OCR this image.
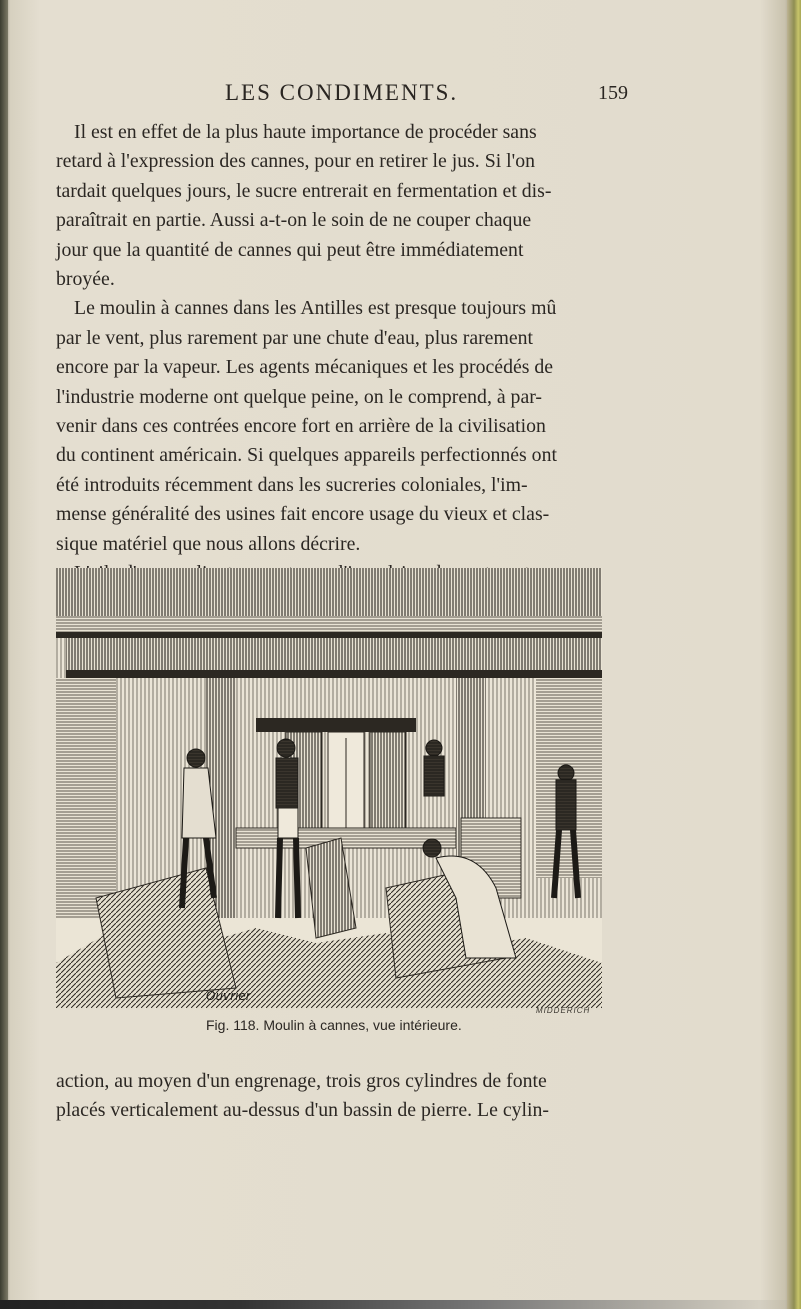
LES CONDIMENTS.	159

Il est en effet de la plus haute importance de procéder sans
retard à l'expression des cannes, pour en retirer le jus. Si l'on
tardait quelques jours, le sucre entrerait en fermentation et dis-
paraîtrait en partie. Aussi a-t-on le soin de ne couper chaque
jour que la quantité de cannes qui peut être immédiatement
broyée.

Le moulin à cannes dans les Antilles est presque toujours mû
par le vent, plus rarement par une chute d'eau, plus rarement
encore par la vapeur. Les agents mécaniques et les procédés de
l'industrie moderne ont quelque peine, on le comprend, à par-
venir dans ces contrées encore fort en arrière de la civilisation
du continent américain. Si quelques appareils perfectionnés ont
été introduits récemment dans les sucreries coloniales, l'im-
mense généralité des usines fait encore usage du vieux et clas-
sique matériel que nous allons décrire.

Ouvrier
MIDDERICH
Fig. 118. Moulin à cannes, vue intérieure.

action, au moyen d'un engrenage, trois gros cylindres de fonte
placés verticalement au-dessus d'un bassin de pierre. Le cylin-
